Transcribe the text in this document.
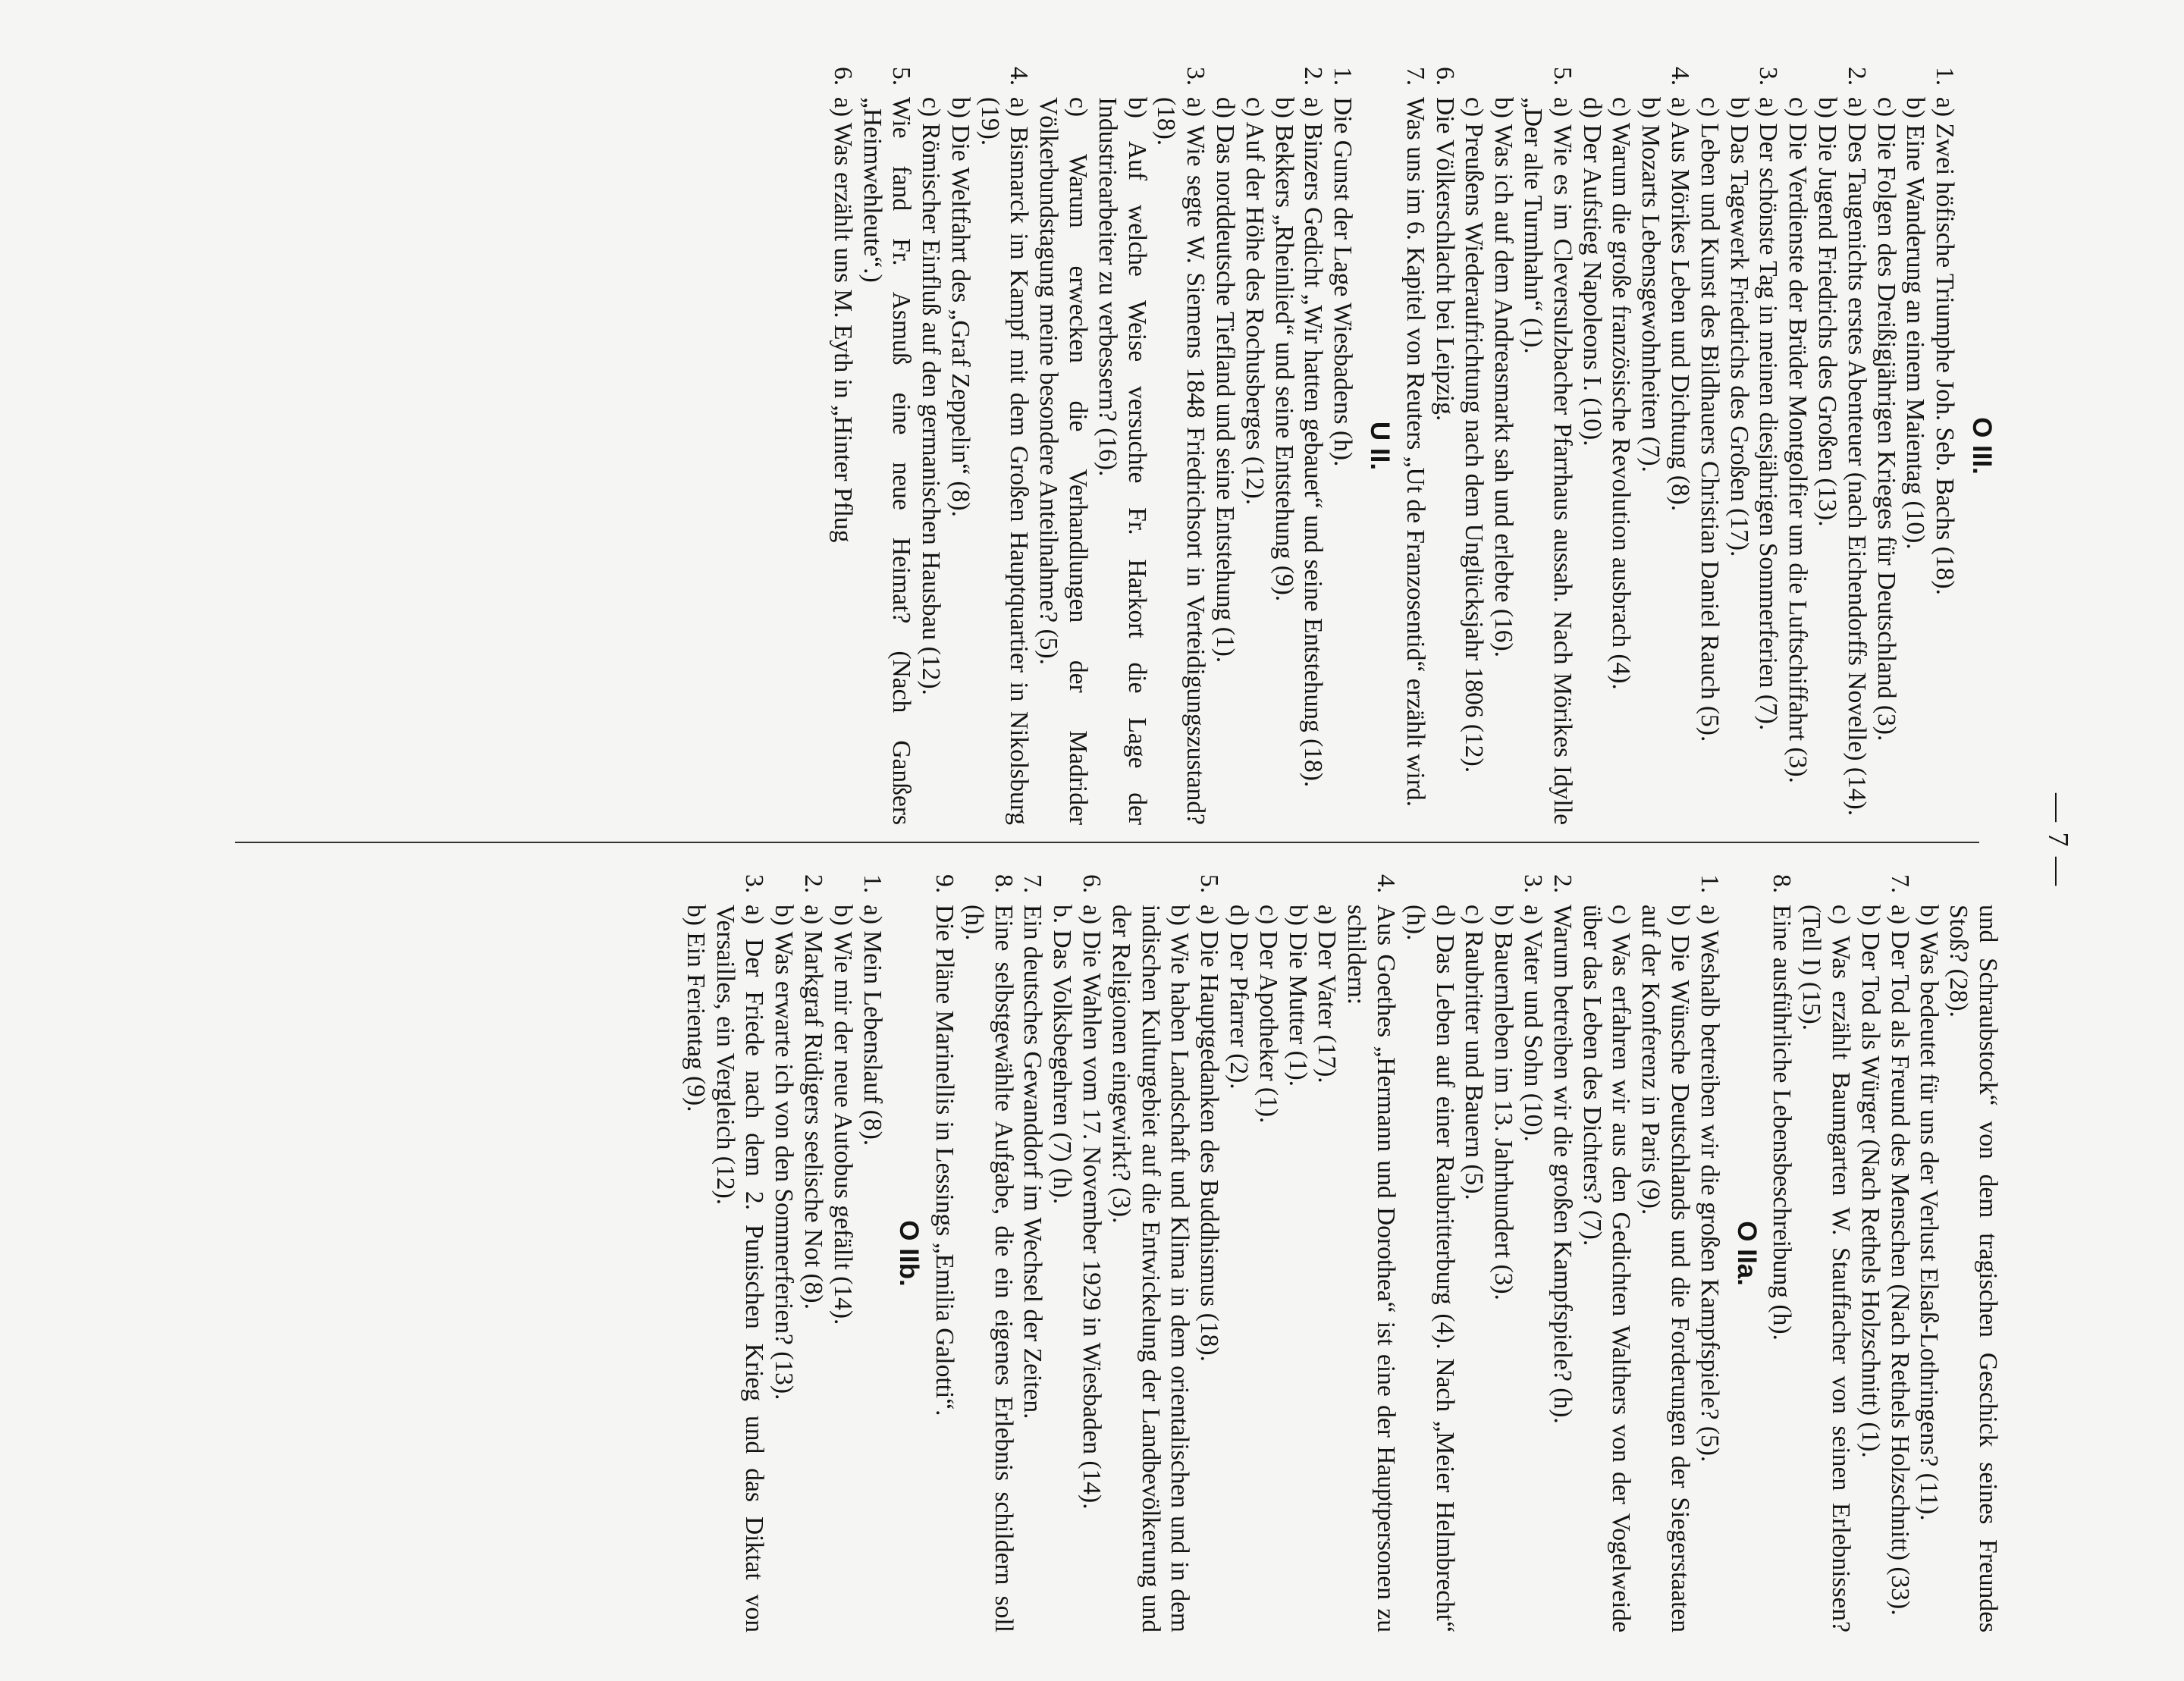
— 7 —
O III.
1.
a) Zwei höfische Triumphe Joh. Seb. Bachs (18).
b) Eine Wanderung an einem Maientag (10).
c) Die Folgen des Dreißigjährigen Krieges für Deutschland (3).
2.
a) Des Taugenichts erstes Abenteuer (nach Eichendorffs Novelle) (14).
b) Die Jugend Friedrichs des Großen (13).
c) Die Verdienste der Brüder Montgolfier um die Luftschiffahrt (3).
3.
a) Der schönste Tag in meinen diesjährigen Sommerferien (7).
b) Das Tagewerk Friedrichs des Großen (17).
c) Leben und Kunst des Bildhauers Christian Daniel Rauch (5).
4.
a) Aus Mörikes Leben und Dichtung (8).
b) Mozarts Lebensgewohnheiten (7).
c) Warum die große französische Revolution ausbrach (4).
d) Der Aufstieg Napoleons I. (10).
5.
a) Wie es im Cleversulzbacher Pfarrhaus aussah. Nach Mörikes Idylle „Der alte Turmhahn“ (1).
b) Was ich auf dem Andreasmarkt sah und erlebte (16).
c) Preußens Wiederaufrichtung nach dem Unglücksjahr 1806 (12).
6.
Die Völkerschlacht bei Leipzig.
7.
Was uns im 6. Kapitel von Reuters „Ut de Franzosentid“ erzählt wird.
U II.
1.
Die Gunst der Lage Wiesbadens (h).
2.
a) Binzers Gedicht „Wir hatten gebauet“ und seine Entstehung (18).
b) Bekkers „Rheinlied“ und seine Entstehung (9).
c) Auf der Höhe des Rochusberges (12).
d) Das norddeutsche Tiefland und seine Entstehung (1).
3.
a) Wie segte W. Siemens 1848 Friedrichsort in Verteidigungszustand? (18).
b) Auf welche Weise versuchte Fr. Harkort die Lage der Industriearbeiter zu verbessern? (16).
c) Warum erwecken die Verhandlungen der Madrider Völkerbundstagung meine besondere Anteilnahme? (5).
4.
a) Bismarck im Kampf mit dem Großen Hauptquartier in Nikolsburg (19).
b) Die Weltfahrt des „Graf Zeppelin“ (8).
c) Römischer Einfluß auf den germanischen Hausbau (12).
5.
Wie fand Fr. Asmuß eine neue Heimat? (Nach Ganßers „Heimwehleute“.)
6.
a) Was erzählt uns M. Eyth in „Hinter Pflug
und Schraubstock“ von dem tragischen Geschick seines Freundes Stoß? (28).
b) Was bedeutet für uns der Verlust Elsaß-Lothringens? (11).
7.
a) Der Tod als Freund des Menschen (Nach Rethels Holzschnitt) (33).
b) Der Tod als Würger (Nach Rethels Holzschnitt) (1).
c) Was erzählt Baumgarten W. Stauffacher von seinen Erlebnissen? (Tell I) (15).
8.
Eine ausführliche Lebensbeschreibung (h).
O IIa.
1.
a) Weshalb betreiben wir die großen Kampfspiele? (5).
b) Die Wünsche Deutschlands und die Forderungen der Siegerstaaten auf der Konferenz in Paris (9).
c) Was erfahren wir aus den Gedichten Walthers von der Vogelweide über das Leben des Dichters? (7).
2.
Warum betreiben wir die großen Kampfspiele? (h).
3.
a) Vater und Sohn (10).
b) Bauernleben im 13. Jahrhundert (3).
c) Raubritter und Bauern (5).
d) Das Leben auf einer Raubritterburg (4). Nach „Meier Helmbrecht“ (h).
4.
Aus Goethes „Hermann und Dorothea“ ist eine der Hauptpersonen zu schildern:
a) Der Vater (17).
b) Die Mutter (1).
c) Der Apotheker (1).
d) Der Pfarrer (2).
5.
a) Die Hauptgedanken des Buddhismus (18).
b) Wie haben Landschaft und Klima in dem orientalischen und in dem indischen Kulturgebiet auf die Entwickelung der Landbevölkerung und der Religionen eingewirkt? (3).
6.
a) Die Wahlen vom 17. November 1929 in Wiesbaden (14).
b. Das Volksbegehren (7) (h).
7.
Ein deutsches Gewanddorf im Wechsel der Zeiten.
8.
Eine selbstgewählte Aufgabe, die ein eigenes Erlebnis schildern soll (h).
9.
Die Pläne Marinellis in Lessings „Emilia Galotti“.
O IIb.
1.
a) Mein Lebenslauf (8).
b) Wie mir der neue Autobus gefällt (14).
2.
a) Markgraf Rüdigers seelische Not (8).
b) Was erwarte ich von den Sommerferien? (13).
3.
a) Der Friede nach dem 2. Punischen Krieg und das Diktat von Versailles, ein Vergleich (12).
b) Ein Ferientag (9).
